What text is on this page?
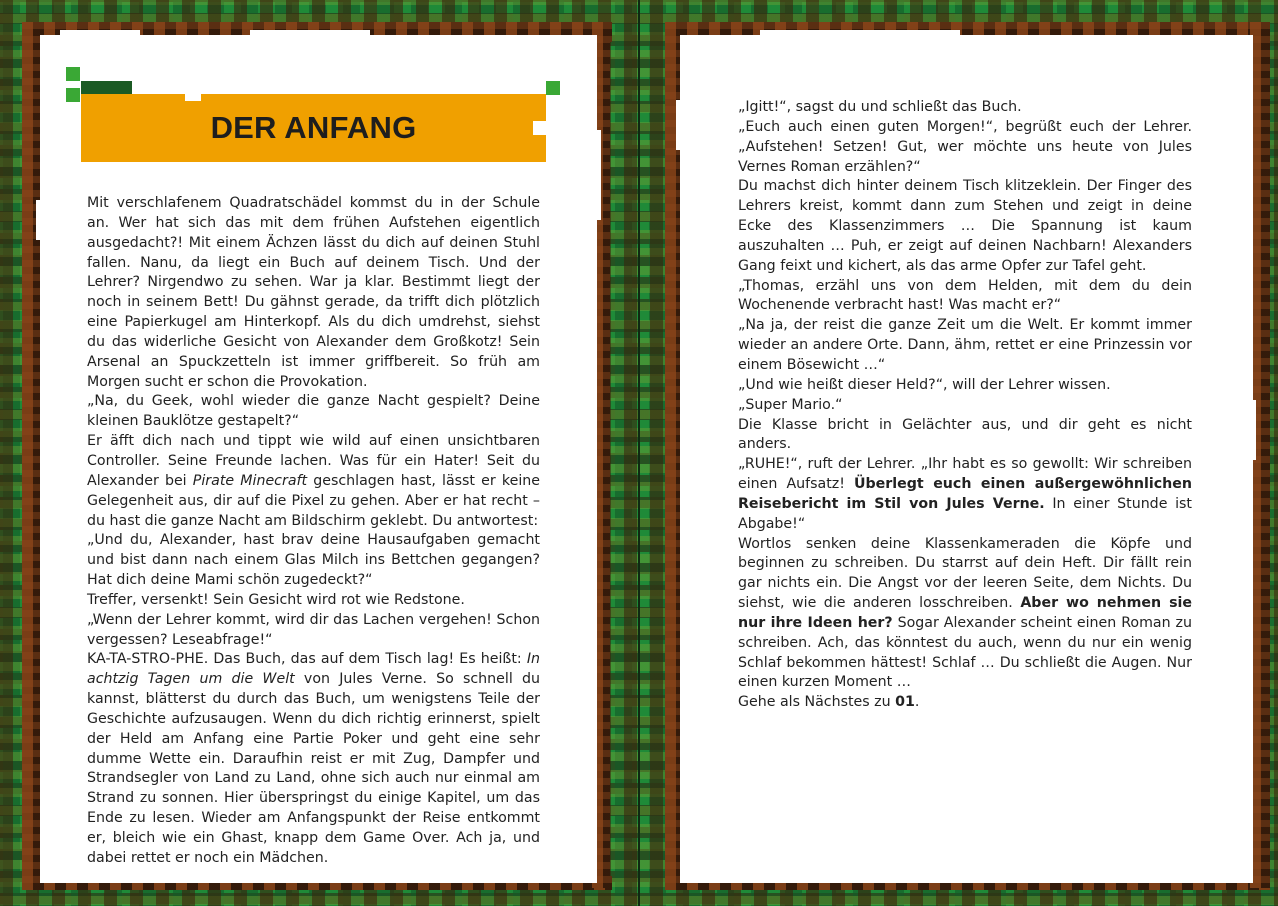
DER ANFANG

Mit verschlafenem Quadratschädel kommst du in der Schule an. Wer hat sich das mit dem frühen Aufstehen eigentlich ausgedacht?! Mit einem Ächzen lässt du dich auf deinen Stuhl fallen. Nanu, da liegt ein Buch auf deinem Tisch. Und der Lehrer? Nirgendwo zu sehen. War ja klar. Bestimmt liegt der noch in seinem Bett! Du gähnst gerade, da trifft dich plötzlich eine Papierkugel am Hinterkopf. Als du dich umdrehst, siehst du das widerliche Gesicht von Alexander dem Großkotz! Sein Arsenal an Spuckzetteln ist immer griffbereit. So früh am Morgen sucht er schon die Provokation.

„Na, du Geek, wohl wieder die ganze Nacht gespielt? Deine kleinen Bauklötze gestapelt?“

Er äfft dich nach und tippt wie wild auf einen unsichtbaren Controller. Seine Freunde lachen. Was für ein Hater! Seit du Alexander bei Pirate Minecraft geschlagen hast, lässt er keine Gelegenheit aus, dir auf die Pixel zu gehen. Aber er hat recht – du hast die ganze Nacht am Bildschirm geklebt. Du antwortest:

„Und du, Alexander, hast brav deine Hausaufgaben gemacht und bist dann nach einem Glas Milch ins Bettchen gegangen? Hat dich deine Mami schön zugedeckt?“

Treffer, versenkt! Sein Gesicht wird rot wie Redstone.

„Wenn der Lehrer kommt, wird dir das Lachen vergehen! Schon vergessen? Leseabfrage!“

KA-TA-STRO-PHE. Das Buch, das auf dem Tisch lag! Es heißt: In achtzig Tagen um die Welt von Jules Verne. So schnell du kannst, blätterst du durch das Buch, um wenigstens Teile der Geschichte aufzusaugen. Wenn du dich richtig erinnerst, spielt der Held am Anfang eine Partie Poker und geht eine sehr dumme Wette ein. Daraufhin reist er mit Zug, Dampfer und Strandsegler von Land zu Land, ohne sich auch nur einmal am Strand zu sonnen. Hier überspringst du einige Kapitel, um das Ende zu lesen. Wieder am Anfangspunkt der Reise entkommt er, bleich wie ein Ghast, knapp dem Game Over. Ach ja, und dabei rettet er noch ein Mädchen.

„Igitt!“, sagst du und schließt das Buch.

„Euch auch einen guten Morgen!“, begrüßt euch der Lehrer. „Aufstehen! Setzen! Gut, wer möchte uns heute von Jules Vernes Roman erzählen?“

Du machst dich hinter deinem Tisch klitzeklein. Der Finger des Lehrers kreist, kommt dann zum Stehen und zeigt in deine Ecke des Klassenzimmers … Die Spannung ist kaum auszuhalten … Puh, er zeigt auf deinen Nachbarn! Alexanders Gang feixt und kichert, als das arme Opfer zur Tafel geht.

„Thomas, erzähl uns von dem Helden, mit dem du dein Wochenende verbracht hast! Was macht er?“

„Na ja, der reist die ganze Zeit um die Welt. Er kommt immer wieder an andere Orte. Dann, ähm, rettet er eine Prinzessin vor einem Bösewicht …“

„Und wie heißt dieser Held?“, will der Lehrer wissen.

„Super Mario.“

Die Klasse bricht in Gelächter aus, und dir geht es nicht anders.

„RUHE!“, ruft der Lehrer. „Ihr habt es so gewollt: Wir schreiben einen Aufsatz! Überlegt euch einen außergewöhnlichen Reisebericht im Stil von Jules Verne. In einer Stunde ist Abgabe!“

Wortlos senken deine Klassenkameraden die Köpfe und beginnen zu schreiben. Du starrst auf dein Heft. Dir fällt rein gar nichts ein. Die Angst vor der leeren Seite, dem Nichts. Du siehst, wie die anderen losschreiben. Aber wo nehmen sie nur ihre Ideen her? Sogar Alexander scheint einen Roman zu schreiben. Ach, das könntest du auch, wenn du nur ein wenig Schlaf bekommen hättest! Schlaf … Du schließt die Augen. Nur einen kurzen Moment …

Gehe als Nächstes zu 01.
